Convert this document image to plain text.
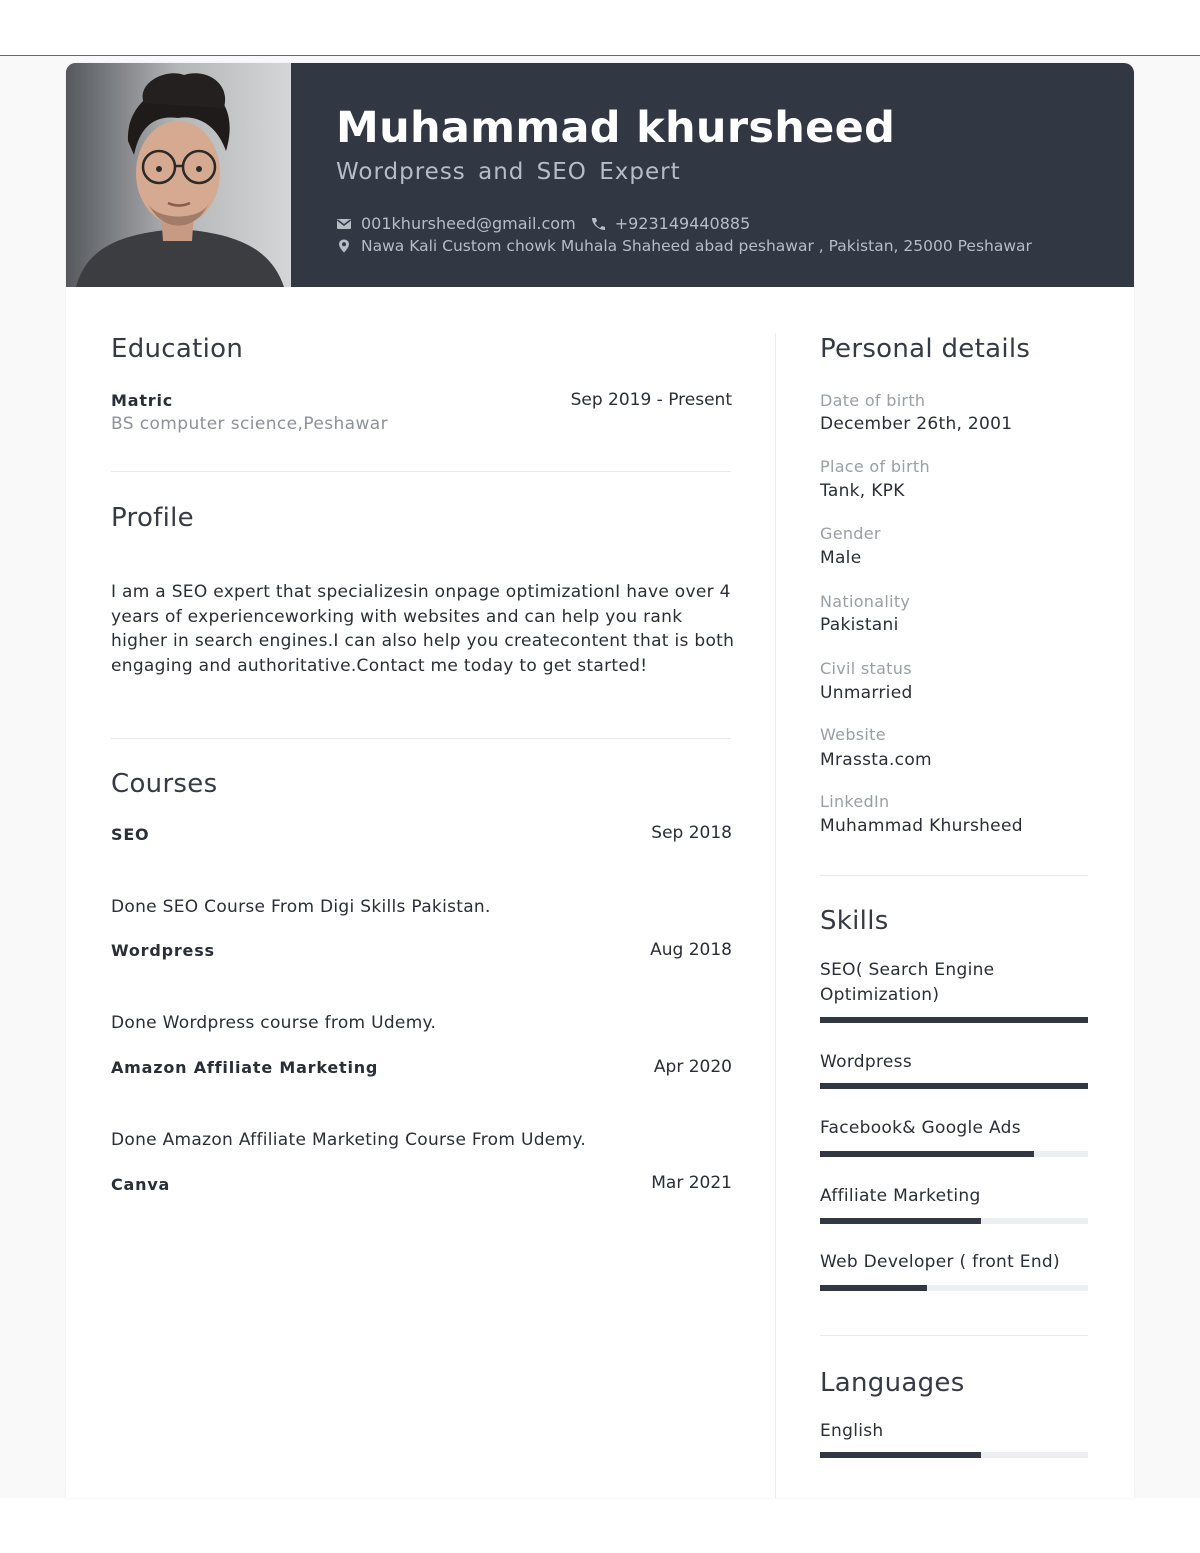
Muhammad khursheed
Wordpress and SEO Expert
001khursheed@gmail.com +923149440885
Nawa Kali Custom chowk Muhala Shaheed abad peshawar , Pakistan, 25000 Peshawar
Education
Matric
BS computer science,Peshawar
Sep 2019 - Present
Profile
I am a SEO expert that specializesin onpage optimizationI have over 4 years of experienceworking with websites and can help you rank higher in search engines.I can also help you createcontent that is both engaging and authoritative.Contact me today to get started!
Courses
SEO	Sep 2018
Done SEO Course From Digi Skills Pakistan.
Wordpress	Aug 2018
Done Wordpress course from Udemy.
Amazon Affiliate Marketing	Apr 2020
Done Amazon Affiliate Marketing Course From Udemy.
Canva	Mar 2021
Personal details
Date of birth
December 26th, 2001
Place of birth
Tank, KPK
Gender
Male
Nationality
Pakistani
Civil status
Unmarried
Website
Mrassta.com
LinkedIn
Muhammad Khursheed
Skills
SEO( Search Engine Optimization)
Wordpress
Facebook& Google Ads
Affiliate Marketing
Web Developer ( front End)
Languages
English
